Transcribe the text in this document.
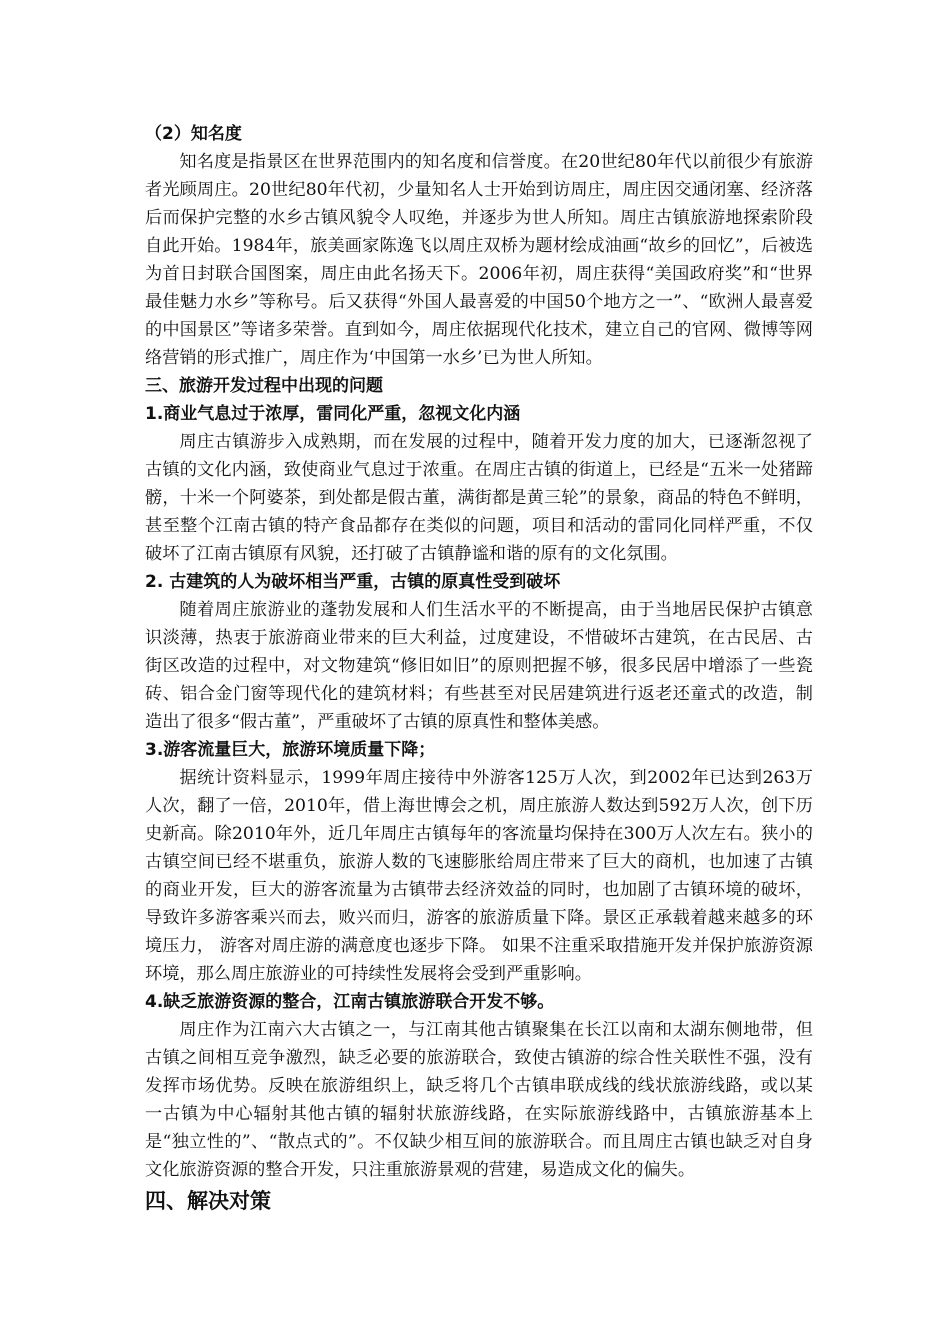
（2）知名度

知名度是指景区在世界范围内的知名度和信誉度。在20世纪80年代以前很少有旅游者光顾周庄。20世纪80年代初，少量知名人士开始到访周庄，周庄因交通闭塞、经济落后而保护完整的水乡古镇风貌令人叹绝，并逐步为世人所知。周庄古镇旅游地探索阶段自此开始。1984年，旅美画家陈逸飞以周庄双桥为题材绘成油画“故乡的回忆”，后被选为首日封联合国图案，周庄由此名扬天下。2006年初，周庄获得“美国政府奖”和“世界最佳魅力水乡”等称号。后又获得“外国人最喜爱的中国50个地方之一”、“欧洲人最喜爱的中国景区”等诸多荣誉。直到如今，周庄依据现代化技术，建立自己的官网、微博等网络营销的形式推广，周庄作为‘中国第一水乡’已为世人所知。

三、旅游开发过程中出现的问题

1.商业气息过于浓厚，雷同化严重，忽视文化内涵

周庄古镇游步入成熟期，而在发展的过程中，随着开发力度的加大，已逐渐忽视了古镇的文化内涵，致使商业气息过于浓重。在周庄古镇的街道上，已经是“五米一处猪蹄髈，十米一个阿婆茶，到处都是假古董，满街都是黄三轮”的景象，商品的特色不鲜明，甚至整个江南古镇的特产食品都存在类似的问题，项目和活动的雷同化同样严重，不仅破坏了江南古镇原有风貌，还打破了古镇静谧和谐的原有的文化氛围。

2. 古建筑的人为破坏相当严重，古镇的原真性受到破坏

随着周庄旅游业的蓬勃发展和人们生活水平的不断提高，由于当地居民保护古镇意识淡薄，热衷于旅游商业带来的巨大利益，过度建设，不惜破坏古建筑，在古民居、古街区改造的过程中，对文物建筑“修旧如旧”的原则把握不够，很多民居中增添了一些瓷砖、铝合金门窗等现代化的建筑材料；有些甚至对民居建筑进行返老还童式的改造，制造出了很多“假古董”，严重破坏了古镇的原真性和整体美感。

3.游客流量巨大，旅游环境质量下降；

据统计资料显示，1999年周庄接待中外游客125万人次，到2002年已达到263万人次，翻了一倍，2010年，借上海世博会之机，周庄旅游人数达到592万人次，创下历史新高。除2010年外，近几年周庄古镇每年的客流量均保持在300万人次左右。狭小的古镇空间已经不堪重负，旅游人数的飞速膨胀给周庄带来了巨大的商机，也加速了古镇的商业开发，巨大的游客流量为古镇带去经济效益的同时，也加剧了古镇环境的破坏，导致许多游客乘兴而去，败兴而归，游客的旅游质量下降。景区正承载着越来越多的环境压力， 游客对周庄游的满意度也逐步下降。 如果不注重采取措施开发并保护旅游资源环境，那么周庄旅游业的可持续性发展将会受到严重影响。

4.缺乏旅游资源的整合，江南古镇旅游联合开发不够。

周庄作为江南六大古镇之一，与江南其他古镇聚集在长江以南和太湖东侧地带，但古镇之间相互竞争激烈，缺乏必要的旅游联合，致使古镇游的综合性关联性不强，没有发挥市场优势。反映在旅游组织上，缺乏将几个古镇串联成线的线状旅游线路，或以某一古镇为中心辐射其他古镇的辐射状旅游线路，在实际旅游线路中，古镇旅游基本上是“独立性的”、“散点式的”。不仅缺少相互间的旅游联合。而且周庄古镇也缺乏对自身文化旅游资源的整合开发，只注重旅游景观的营建，易造成文化的偏失。

四、解决对策
